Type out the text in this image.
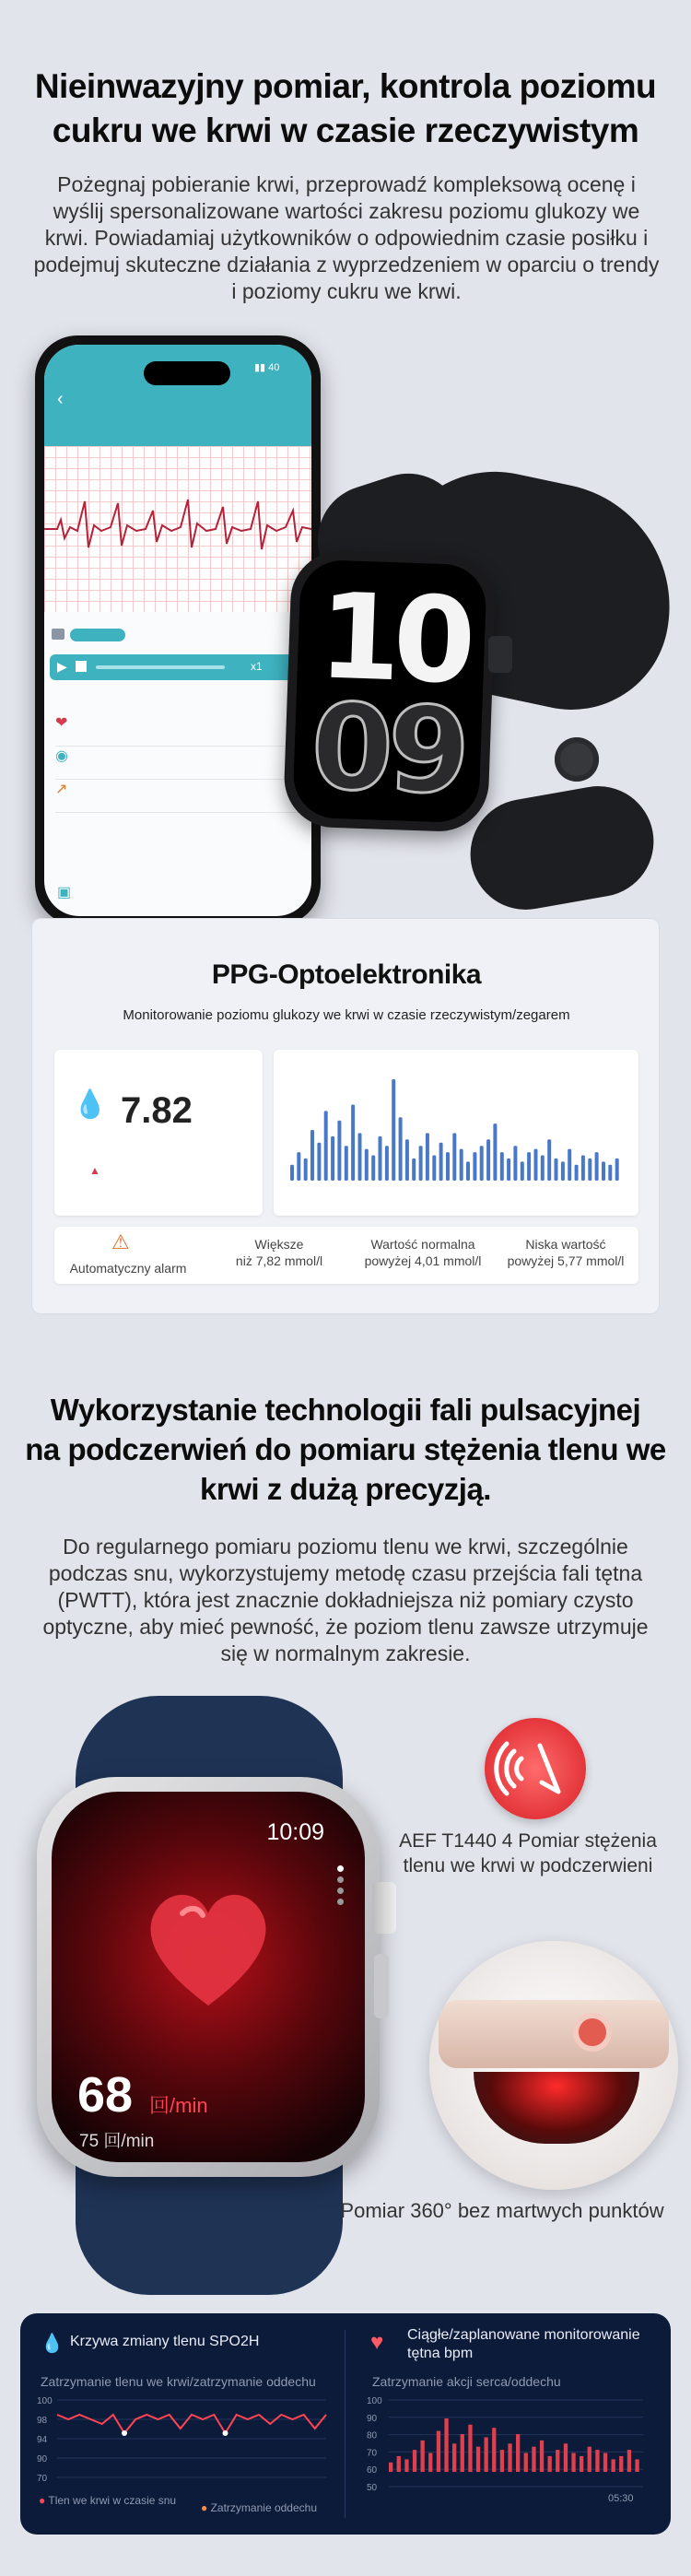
Nieinwazyjny pomiar, kontrola poziomu
cukru we krwi w czasie rzeczywistym
Pożegnaj pobieranie krwi, przeprowadź kompleksową ocenę i wyślij spersonalizowane wartości zakresu poziomu glukozy we krwi. Powiadamiaj użytkowników o odpowiednim czasie posiłku i podejmuj skuteczne działania z wyprzedzeniem w oparciu o trendy i poziomy cukru we krwi.
▮▮ 40
‹
▶	x1
❤
◉
↗
▣
10
09
PPG-Optoelektronika
Monitorowanie poziomu glukozy we krwi w czasie rzeczywistym/zegarem
💧 7.82
▲
⚠
Automatyczny alarm
Większe
niż 7,82 mmol/l
Wartość normalna
powyżej 4,01 mmol/l
Niska wartość
powyżej 5,77 mmol/l
Wykorzystanie technologii fali pulsacyjnej
na podczerwień do pomiaru stężenia tlenu we
krwi z dużą precyzją.
Do regularnego pomiaru poziomu tlenu we krwi, szczególnie podczas snu, wykorzystujemy metodę czasu przejścia fali tętna (PWTT), która jest znacznie dokładniejsza niż pomiary czysto optyczne, aby mieć pewność, że poziom tlenu zawsze utrzymuje się w normalnym zakresie.
10:09
68 回/min
75 回/min
AEF T1440 4 Pomiar stężenia
tlenu we krwi w podczerwieni
Pomiar 360° bez martwych punktów
💧 Krzywa zmiany tlenu SPO2H
Zatrzymanie tlenu we krwi/zatrzymanie oddechu
100
98
94
90
70
● Tlen we krwi w czasie snu
● Zatrzymanie oddechu
♥ Ciągłe/zaplanowane monitorowanie
tętna bpm
Zatrzymanie akcji serca/oddechu
100
90
80
70
60
50
05:30
